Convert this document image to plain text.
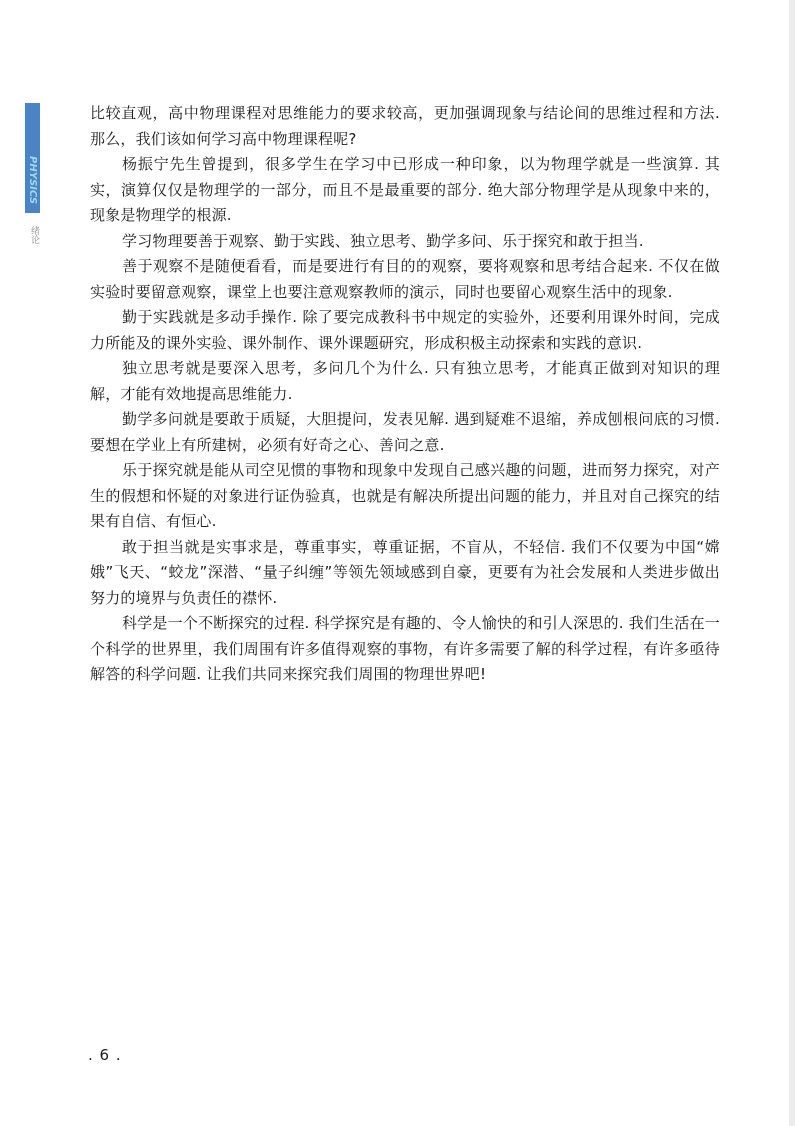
绪论

比较直观，高中物理课程对思维能力的要求较高，更加强调现象与结论间的思维过程和方法. 那么，我们该如何学习高中物理课程呢?

杨振宁先生曾提到，很多学生在学习中已形成一种印象，以为物理学就是一些演算. 其实，演算仅仅是物理学的一部分，而且不是最重要的部分. 绝大部分物理学是从现象中来的，现象是物理学的根源.

学习物理要善于观察、勤于实践、独立思考、勤学多问、乐于探究和敢于担当.

善于观察不是随便看看，而是要进行有目的的观察，要将观察和思考结合起来. 不仅在做实验时要留意观察，课堂上也要注意观察教师的演示，同时也要留心观察生活中的现象.

勤于实践就是多动手操作. 除了要完成教科书中规定的实验外，还要利用课外时间，完成力所能及的课外实验、课外制作、课外课题研究，形成积极主动探索和实践的意识.

独立思考就是要深入思考，多问几个为什么. 只有独立思考，才能真正做到对知识的理解，才能有效地提高思维能力.

勤学多问就是要敢于质疑，大胆提问，发表见解. 遇到疑难不退缩，养成刨根问底的习惯. 要想在学业上有所建树，必须有好奇之心、善问之意.

乐于探究就是能从司空见惯的事物和现象中发现自己感兴趣的问题，进而努力探究，对产生的假想和怀疑的对象进行证伪验真，也就是有解决所提出问题的能力，并且对自己探究的结果有自信、有恒心.

敢于担当就是实事求是，尊重事实，尊重证据，不盲从，不轻信. 我们不仅要为中国“嫦娥”飞天、“蛟龙”深潜、“量子纠缠”等领先领域感到自豪，更要有为社会发展和人类进步做出努力的境界与负责任的襟怀.

科学是一个不断探究的过程. 科学探究是有趣的、令人愉快的和引人深思的. 我们生活在一个科学的世界里，我们周围有许多值得观察的事物，有许多需要了解的科学过程，有许多亟待解答的科学问题. 让我们共同来探究我们周围的物理世界吧!

. 6 .
